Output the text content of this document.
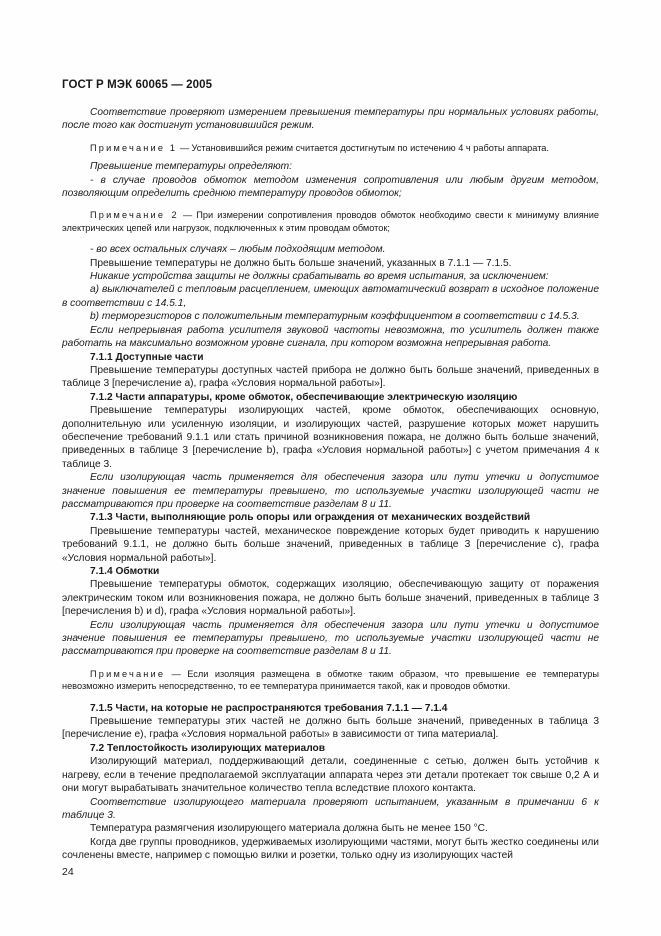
ГОСТ Р МЭК 60065 — 2005

Соответствие проверяют измерением превышения температуры при нормальных условиях работы, после того как достигнут установившийся режим.

Примечание 1 — Установившийся режим считается достигнутым по истечению 4 ч работы аппарата.

Превышение температуры определяют:

- в случае проводов обмоток методом изменения сопротивления или любым другим методом, позволяющим определить среднюю температуру проводов обмоток;

Примечание 2 — При измерении сопротивления проводов обмоток необходимо свести к минимуму влияние электрических цепей или нагрузок, подключенных к этим проводам обмоток;

- во всех остальных случаях – любым подходящим методом.

Превышение температуры не должно быть больше значений, указанных в 7.1.1 — 7.1.5.

Никакие устройства защиты не должны срабатывать во время испытания, за исключением:

a) выключателей с тепловым расцеплением, имеющих автоматический возврат в исходное положение в соответствии с 14.5.1,

b) терморезисторов с положительным температурным коэффициентом в соответствии с 14.5.3.

Если непрерывная работа усилителя звуковой частоты невозможна, то усилитель должен также работать на максимально возможном уровне сигнала, при котором возможна непрерывная работа.

7.1.1 Доступные части

Превышение температуры доступных частей прибора не должно быть больше значений, приведенных в таблице 3 [перечисление a), графа «Условия нормальной работы»].

7.1.2 Части аппаратуры, кроме обмоток, обеспечивающие электрическую изоляцию

Превышение температуры изолирующих частей, кроме обмоток, обеспечивающих основную, дополнительную или усиленную изоляции, и изолирующих частей, разрушение которых может нарушить обеспечение требований 9.1.1 или стать причиной возникновения пожара, не должно быть больше значений, приведенных в таблице 3 [перечисление b), графа «Условия нормальной работы»] с учетом примечания 4 к таблице 3.

Если изолирующая часть применяется для обеспечения зазора или пути утечки и допустимое значение повышения ее температуры превышено, то используемые участки изолирующей части не рассматриваются при проверке на соответствие разделам 8 и 11.

7.1.3 Части, выполняющие роль опоры или ограждения от механических воздействий

Превышение температуры частей, механическое повреждение которых будет приводить к нарушению требований 9.1.1, не должно быть больше значений, приведенных в таблице 3 [перечисление c), графа «Условия нормальной работы»].

7.1.4 Обмотки

Превышение температуры обмоток, содержащих изоляцию, обеспечивающую защиту от поражения электрическим током или возникновения пожара, не должно быть больше значений, приведенных в таблице 3 [перечисления b) и d), графа «Условия нормальной работы»].

Если изолирующая часть применяется для обеспечения зазора или пути утечки и допустимое значение повышения ее температуры превышено, то используемые участки изолирующей части не рассматриваются при проверке на соответствие разделам 8 и 11.

Примечание — Если изоляция размещена в обмотке таким образом, что превышение ее температуры невозможно измерить непосредственно, то ее температура принимается такой, как и проводов обмотки.

7.1.5 Части, на которые не распространяются требования 7.1.1 — 7.1.4

Превышение температуры этих частей не должно быть больше значений, приведенных в таблица 3 [перечисление e), графа «Условия нормальной работы» в зависимости от типа материала].

7.2 Теплостойкость изолирующих материалов

Изолирующий материал, поддерживающий детали, соединенные с сетью, должен быть устойчив к нагреву, если в течение предполагаемой эксплуатации аппарата через эти детали протекает ток свыше 0,2 А и они могут вырабатывать значительное количество тепла вследствие плохого контакта.

Соответствие изолирующего материала проверяют испытанием, указанным в примечании 6 к таблице 3.

Температура размягчения изолирующего материала должна быть не менее 150 °С.

Когда две группы проводников, удерживаемых изолирующими частями, могут быть жестко соединены или сочленены вместе, например с помощью вилки и розетки, только одну из изолирующих частей

24
